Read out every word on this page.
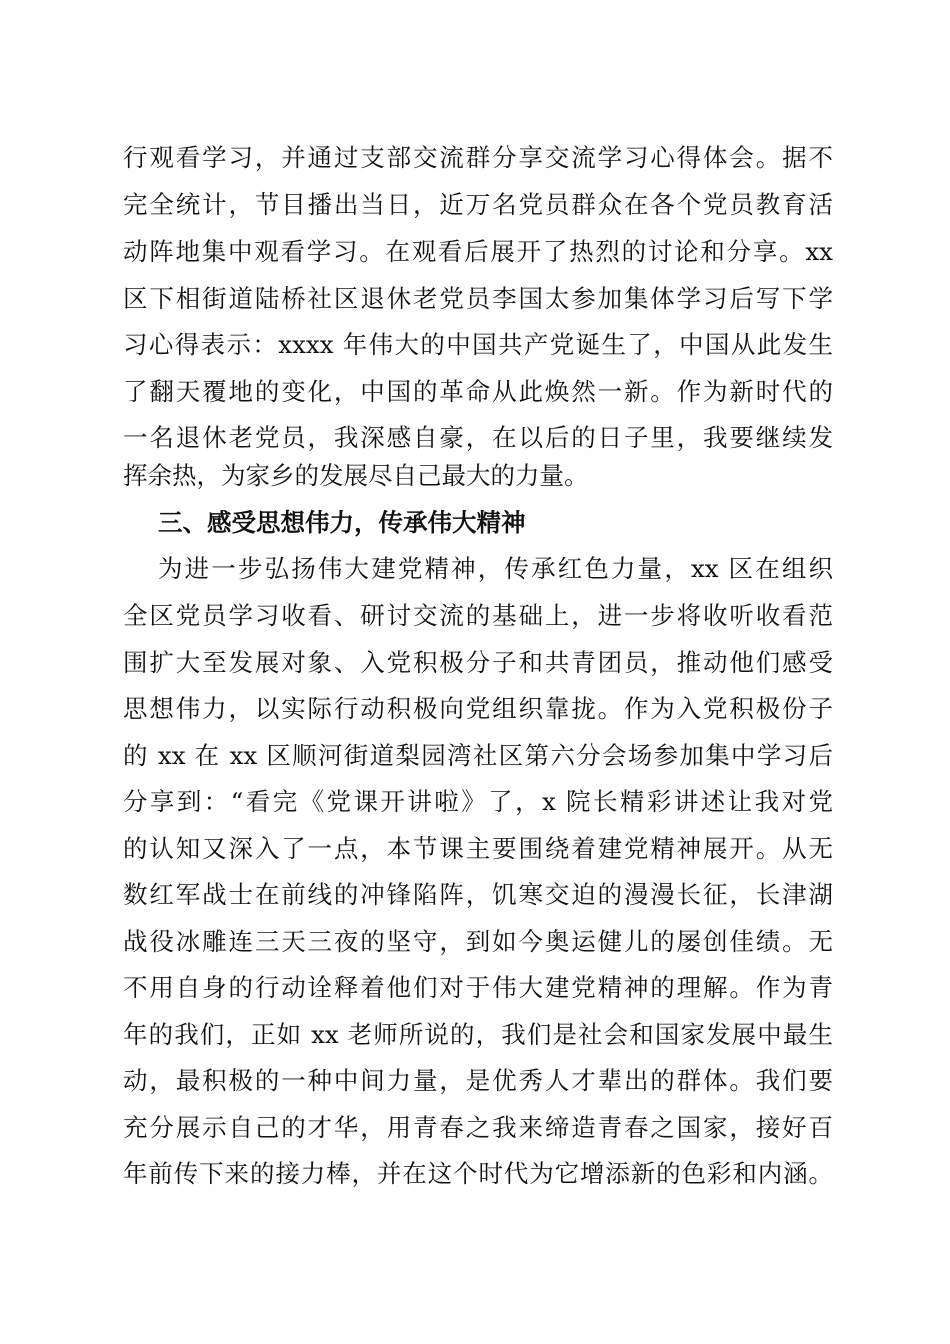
行观看学习，并通过支部交流群分享交流学习心得体会。据不
完全统计，节目播出当日，近万名党员群众在各个党员教育活
动阵地集中观看学习。在观看后展开了热烈的讨论和分享。xx
区下相街道陆桥社区退休老党员李国太参加集体学习后写下学
习心得表示：xxxx 年伟大的中国共产党诞生了，中国从此发生
了翻天覆地的变化，中国的革命从此焕然一新。作为新时代的
一名退休老党员，我深感自豪，在以后的日子里，我要继续发
挥余热，为家乡的发展尽自己最大的力量。
三、感受思想伟力，传承伟大精神
为进一步弘扬伟大建党精神，传承红色力量，xx 区在组织
全区党员学习收看、研讨交流的基础上，进一步将收听收看范
围扩大至发展对象、入党积极分子和共青团员，推动他们感受
思想伟力，以实际行动积极向党组织靠拢。作为入党积极份子
的 xx 在 xx 区顺河街道梨园湾社区第六分会场参加集中学习后
分享到：“看完《党课开讲啦》了，x 院长精彩讲述让我对党
的认知又深入了一点，本节课主要围绕着建党精神展开。从无
数红军战士在前线的冲锋陷阵，饥寒交迫的漫漫长征，长津湖
战役冰雕连三天三夜的坚守，到如今奥运健儿的屡创佳绩。无
不用自身的行动诠释着他们对于伟大建党精神的理解。作为青
年的我们，正如 xx 老师所说的，我们是社会和国家发展中最生
动，最积极的一种中间力量，是优秀人才辈出的群体。我们要
充分展示自己的才华，用青春之我来缔造青春之国家，接好百
年前传下来的接力棒，并在这个时代为它增添新的色彩和内涵。
